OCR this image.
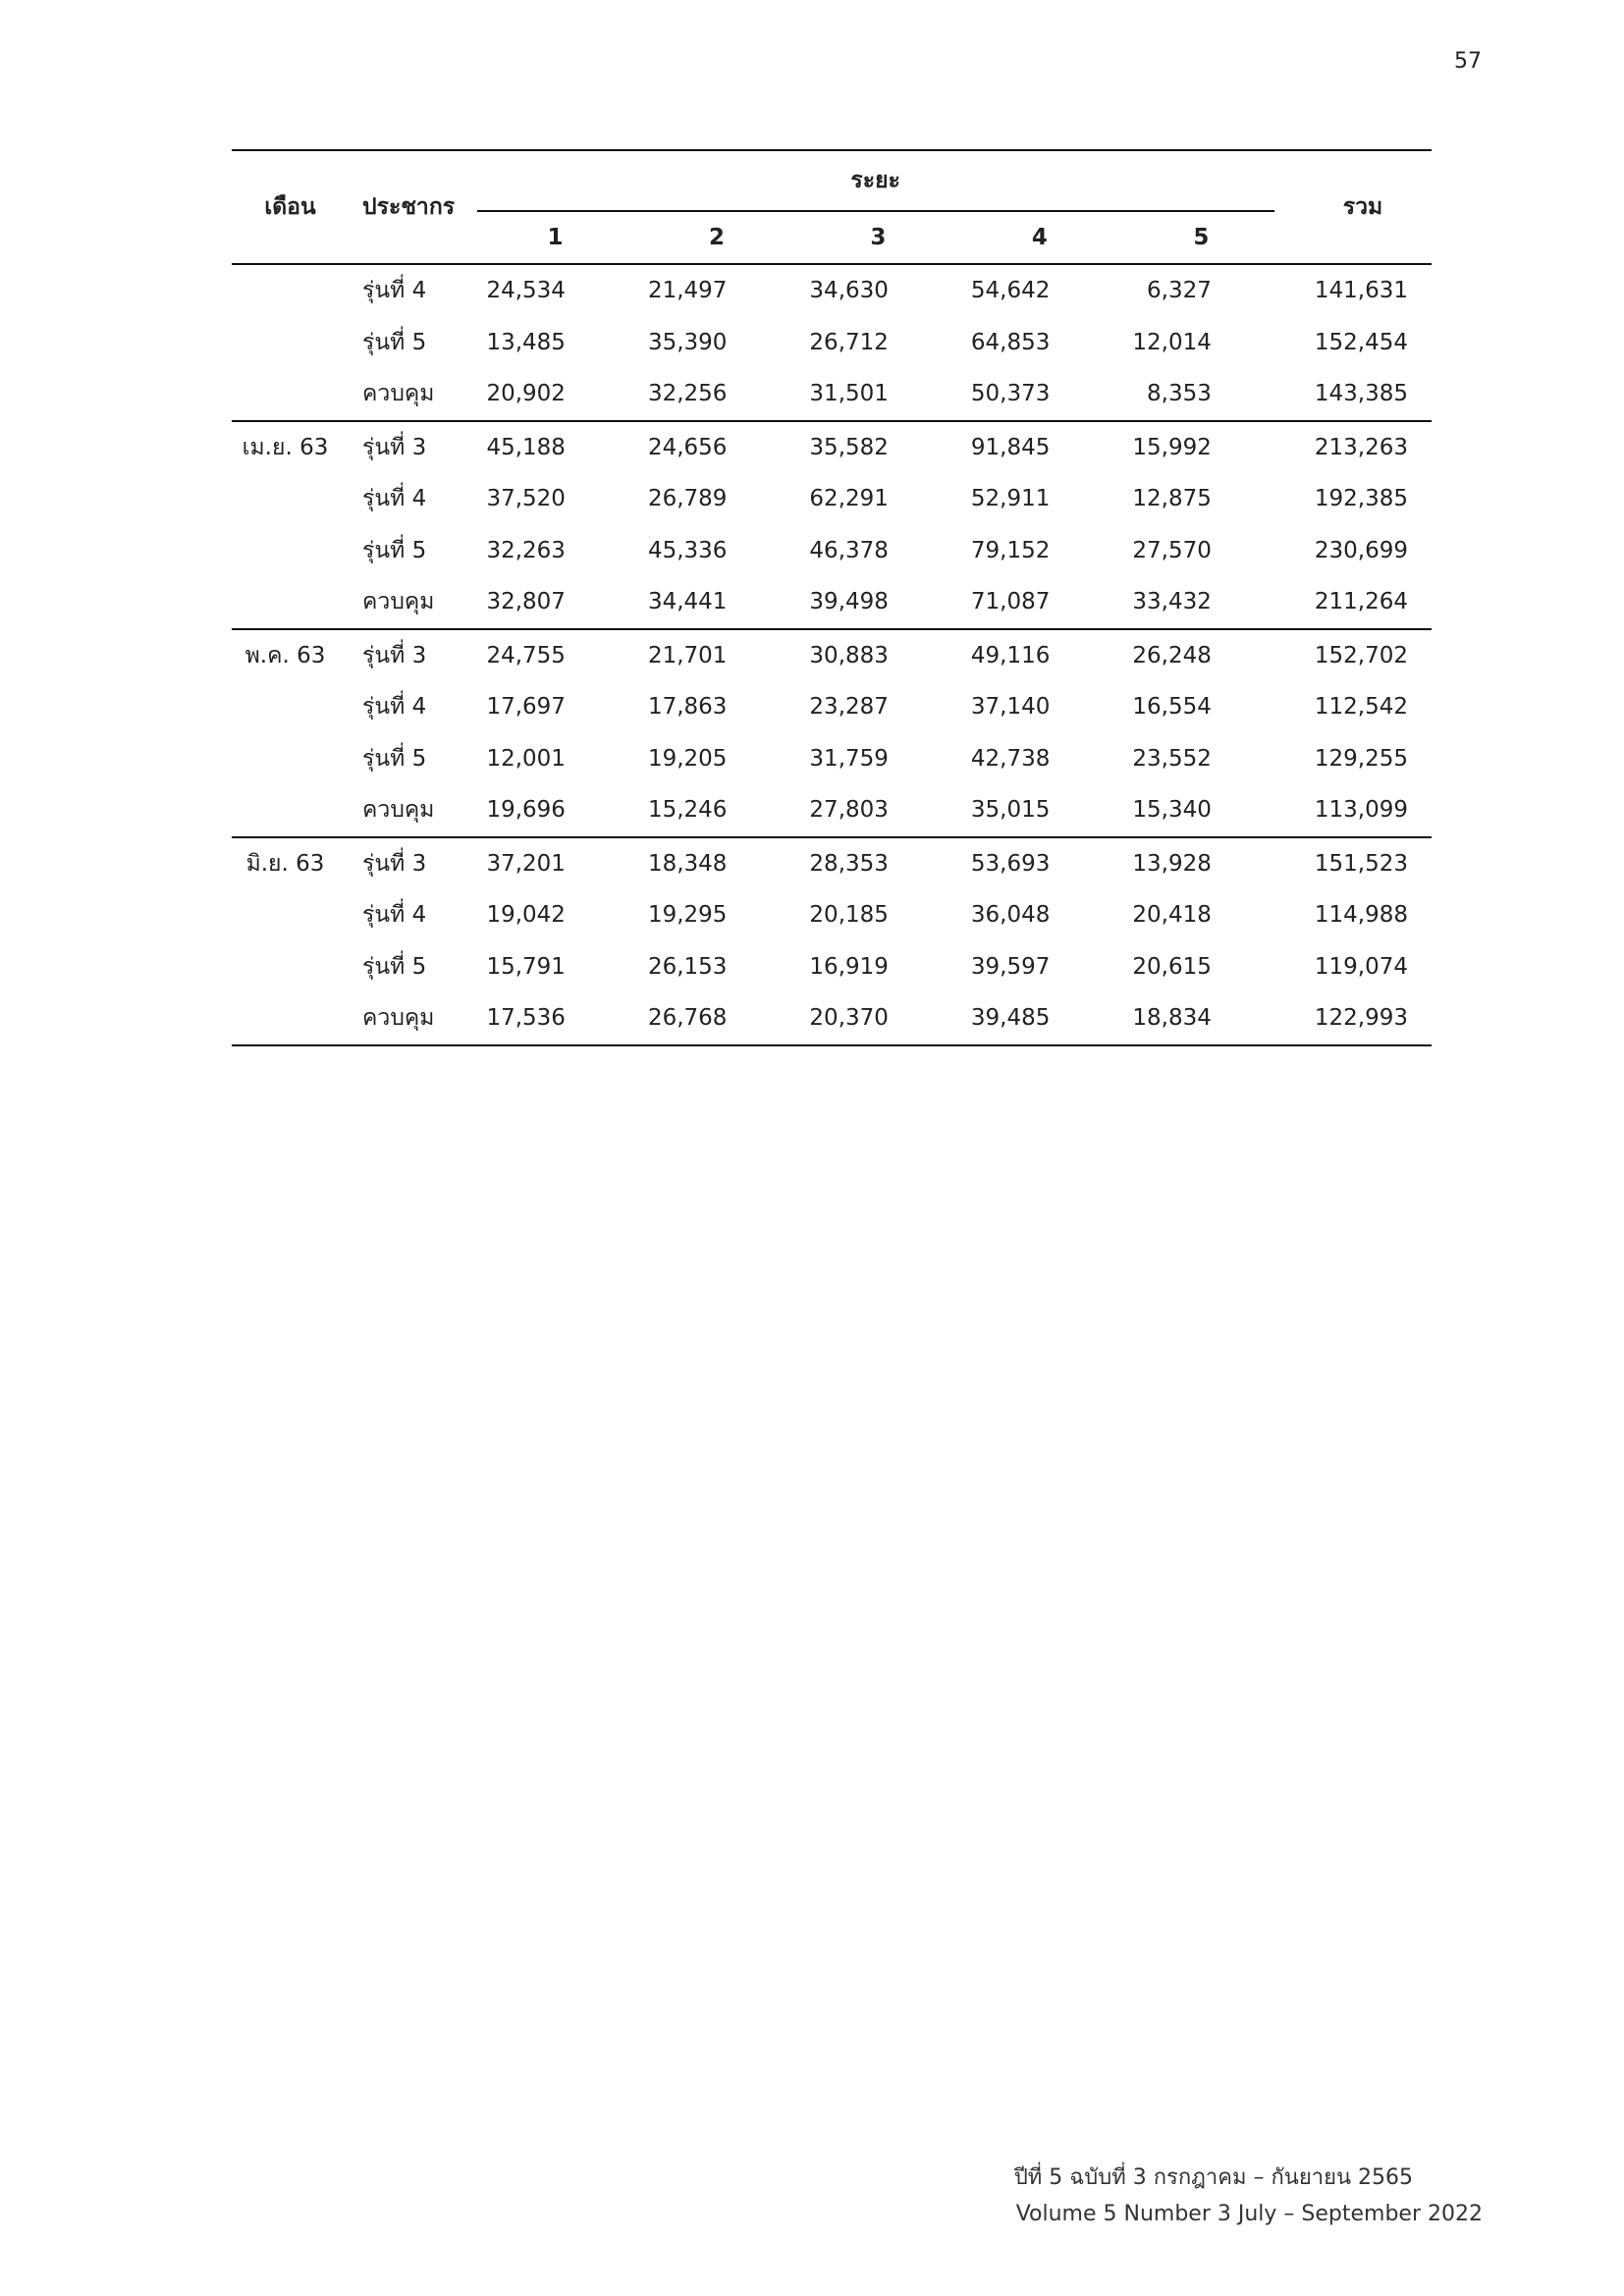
57
เดือน	ประชากร	ระยะ					รวม
		1	2	3	4	5	
	รุ่นที่ 4	24,534	21,497	34,630	54,642	6,327	141,631
	รุ่นที่ 5	13,485	35,390	26,712	64,853	12,014	152,454
	ควบคุม	20,902	32,256	31,501	50,373	8,353	143,385
เม.ย. 63	รุ่นที่ 3	45,188	24,656	35,582	91,845	15,992	213,263
	รุ่นที่ 4	37,520	26,789	62,291	52,911	12,875	192,385
	รุ่นที่ 5	32,263	45,336	46,378	79,152	27,570	230,699
	ควบคุม	32,807	34,441	39,498	71,087	33,432	211,264
พ.ค. 63	รุ่นที่ 3	24,755	21,701	30,883	49,116	26,248	152,702
	รุ่นที่ 4	17,697	17,863	23,287	37,140	16,554	112,542
	รุ่นที่ 5	12,001	19,205	31,759	42,738	23,552	129,255
	ควบคุม	19,696	15,246	27,803	35,015	15,340	113,099
มิ.ย. 63	รุ่นที่ 3	37,201	18,348	28,353	53,693	13,928	151,523
	รุ่นที่ 4	19,042	19,295	20,185	36,048	20,418	114,988
	รุ่นที่ 5	15,791	26,153	16,919	39,597	20,615	119,074
	ควบคุม	17,536	26,768	20,370	39,485	18,834	122,993
ปีที่ 5 ฉบับที่ 3 กรกฎาคม – กันยายน 2565
Volume 5 Number 3 July – September 2022
